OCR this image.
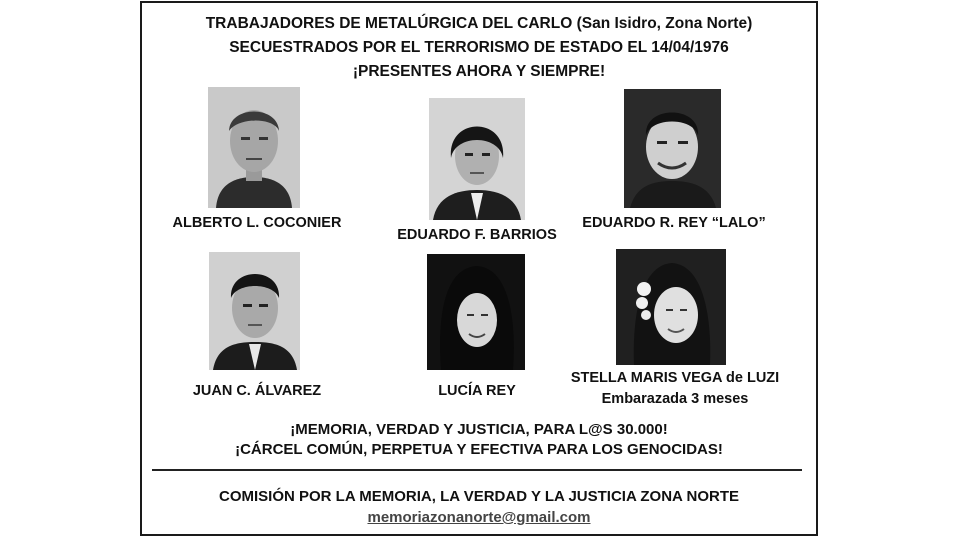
TRABAJADORES DE METALÚRGICA DEL CARLO (San Isidro, Zona Norte)
SECUESTRADOS POR EL TERRORISMO DE ESTADO EL 14/04/1976
¡PRESENTES AHORA Y SIEMPRE!
ALBERTO L. COCONIER
EDUARDO F. BARRIOS
EDUARDO R. REY “LALO”
JUAN C. ÁLVAREZ	LUCÍA REY
STELLA MARIS VEGA de LUZI
Embarazada 3 meses
¡MEMORIA, VERDAD Y JUSTICIA, PARA L@S 30.000!
¡CÁRCEL COMÚN, PERPETUA Y EFECTIVA PARA LOS GENOCIDAS!
COMISIÓN POR LA MEMORIA, LA VERDAD Y LA JUSTICIA ZONA NORTE
memoriazonanorte@gmail.com
